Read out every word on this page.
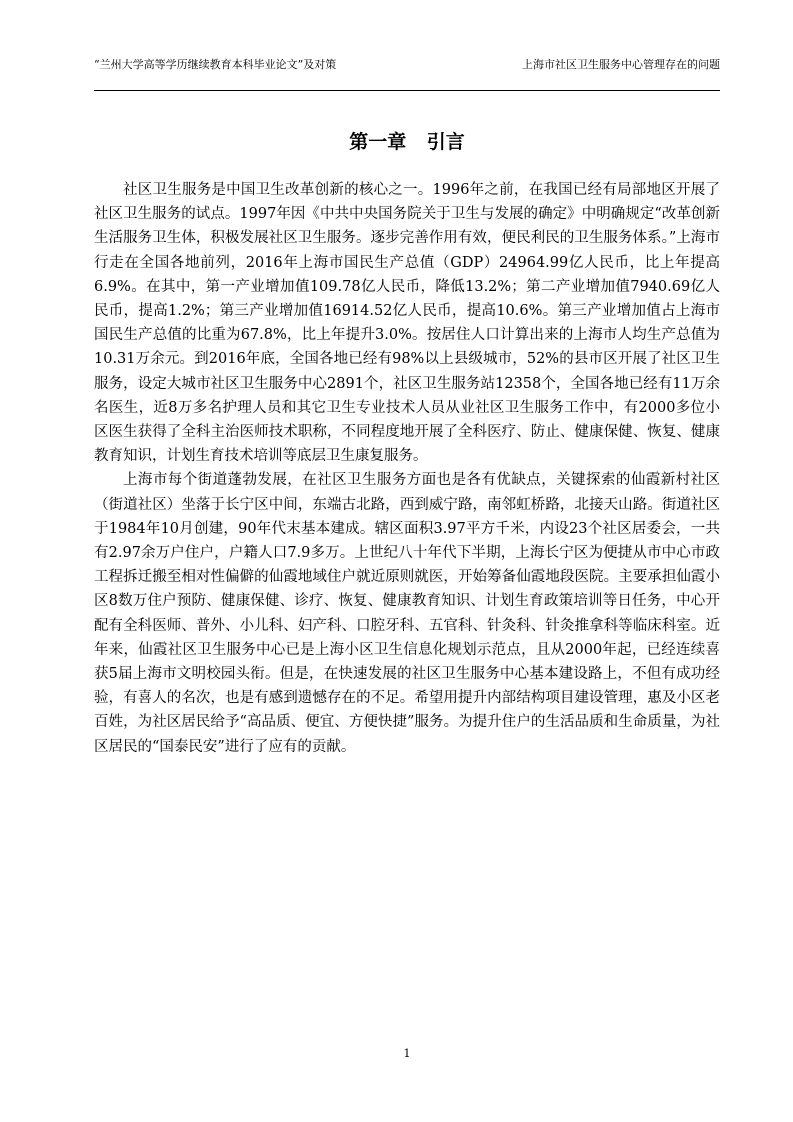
“兰州大学高等学历继续教育本科毕业论文”及对策	上海市社区卫生服务中心管理存在的问题
第一章 引言

社区卫生服务是中国卫生改革创新的核心之一。1996年之前，在我国已经有局部地区开展了社区卫生服务的试点。1997年因《中共中央国务院关于卫生与发展的确定》中明确规定“改革创新生活服务卫生体，积极发展社区卫生服务。逐步完善作用有效，便民利民的卫生服务体系。”上海市行走在全国各地前列，2016年上海市国民生产总值（GDP）24964.99亿人民币，比上年提高6.9%。在其中，第一产业增加值109.78亿人民币，降低13.2%；第二产业增加值7940.69亿人民币，提高1.2%；第三产业增加值16914.52亿人民币，提高10.6%。第三产业增加值占上海市国民生产总值的比重为67.8%，比上年提升3.0%。按居住人口计算出来的上海市人均生产总值为10.31万余元。到2016年底，全国各地已经有98%以上县级城市，52%的县市区开展了社区卫生服务，设定大城市社区卫生服务中心2891个，社区卫生服务站12358个，全国各地已经有11万余名医生，近8万多名护理人员和其它卫生专业技术人员从业社区卫生服务工作中，有2000多位小区医生获得了全科主治医师技术职称，不同程度地开展了全科医疗、防止、健康保健、恢复、健康教育知识，计划生育技术培训等底层卫生康复服务。

上海市每个街道蓬勃发展，在社区卫生服务方面也是各有优缺点，关键探索的仙霞新村社区（街道社区）坐落于长宁区中间，东端古北路，西到威宁路，南邻虹桥路，北接天山路。街道社区于1984年10月创建，90年代末基本建成。辖区面积3.97平方千米，内设23个社区居委会，一共有2.97余万户住户，户籍人口7.9多万。上世纪八十年代下半期，上海长宁区为便捷从市中心市政工程拆迁搬至相对性偏僻的仙霞地域住户就近原则就医，开始筹备仙霞地段医院。主要承担仙霞小区8数万住户预防、健康保健、诊疗、恢复、健康教育知识、计划生育政策培训等日任务，中心开配有全科医师、普外、小儿科、妇产科、口腔牙科、五官科、针灸科、针灸推拿科等临床科室。近年来，仙霞社区卫生服务中心已是上海小区卫生信息化规划示范点，且从2000年起，已经连续喜获5届上海市文明校园头衔。但是，在快速发展的社区卫生服务中心基本建设路上，不但有成功经验，有喜人的名次，也是有感到遗憾存在的不足。希望用提升内部结构项目建设管理，惠及小区老百姓，为社区居民给予“高品质、便宜、方便快捷”服务。为提升住户的生活品质和生命质量，为社区居民的“国泰民安”进行了应有的贡献。

1
